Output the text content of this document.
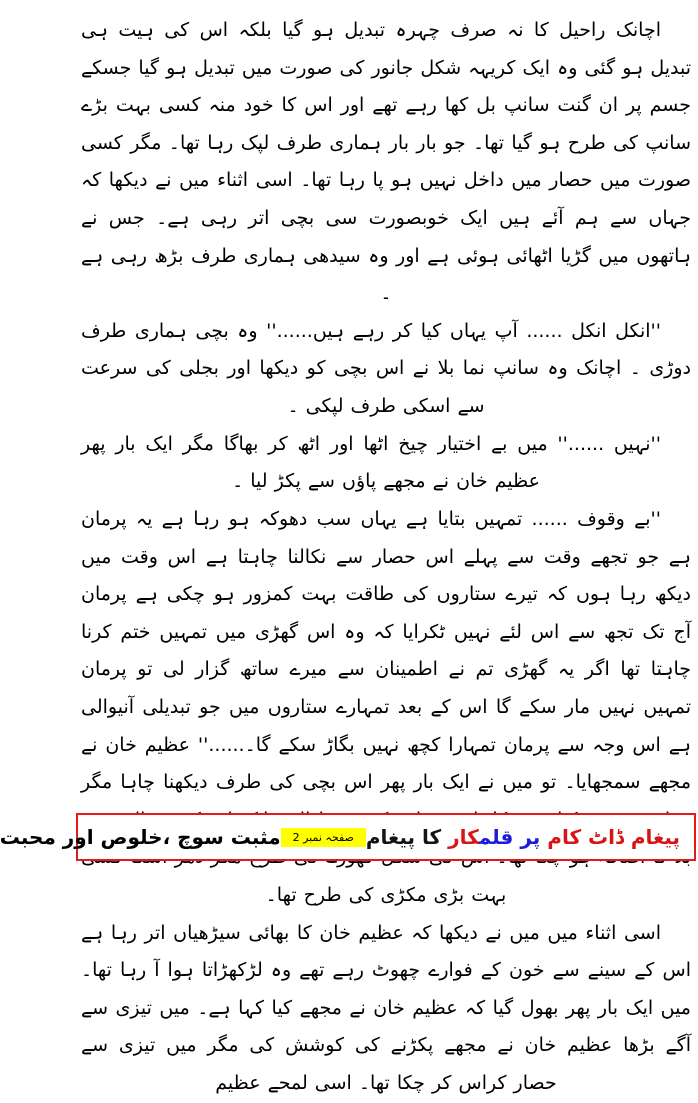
اچانک راحیل کا نہ صرف چہرہ تبدیل ہو گیا بلکہ اس کی ہیت ہی تبدیل ہو گئی وہ ایک کریہہ شکل جانور کی صورت میں تبدیل ہو گیا جسکے جسم پر ان گنت سانپ بل کھا رہے تھے اور اس کا خود منہ کسی بہت بڑے سانپ کی طرح ہو گیا تھا۔ جو بار بار ہماری طرف لپک رہا تھا۔ مگر کسی صورت میں حصار میں داخل نہیں ہو پا رہا تھا۔ اسی اثناء میں نے دیکھا کہ جہاں سے ہم آئے ہیں ایک خوبصورت سی بچی اتر رہی ہے۔ جس نے ہاتھوں میں گڑیا اٹھائی ہوئی ہے اور وہ سیدھی ہماری طرف بڑھ رہی ہے ۔

''انکل انکل ...... آپ یہاں کیا کر رہے ہیں......'' وہ بچی ہماری طرف دوڑی ۔ اچانک وہ سانپ نما بلا نے اس بچی کو دیکھا اور بجلی کی سرعت سے اسکی طرف لپکی ۔

''نہیں ......'' میں بے اختیار چیخ اٹھا اور اٹھ کر بھاگا مگر ایک بار پھر عظیم خان نے مجھے پاؤں سے پکڑ لیا ۔

''بے وقوف ...... تمہیں بتایا ہے یہاں سب دھوکہ ہو رہا ہے یہ پرمان ہے جو تجھے وقت سے پہلے اس حصار سے نکالنا چاہتا ہے اس وقت میں دیکھ رہا ہوں کہ تیرے ستاروں کی طاقت بہت کمزور ہو چکی ہے پرمان آج تک تجھ سے اس لئے نہیں ٹکرایا کہ وہ اس گھڑی میں تمہیں ختم کرنا چاہتا تھا اگر یہ گھڑی تم نے اطمینان سے میرے ساتھ گزار لی تو پرمان تمہیں نہیں مار سکے گا اس کے بعد تمہارے ستاروں میں جو تبدیلی آنیوالی ہے اس وجہ سے پرمان تمہارا کچھ نہیں بگاڑ سکے گا۔......'' عظیم خان نے مجھے سمجھایا۔ تو میں نے ایک بار پھر اس بچی کی طرف دیکھنا چاہا مگر بہت بڑی مکڑی کی طرح تھا۔

اسی اثناء میں میں نے دیکھا کہ عظیم خان کا بھائی سیڑھیاں اتر رہا ہے اس کے سینے سے خون کے فوارے چھوٹ رہے تھے وہ لڑکھڑاتا ہوا آ رہا تھا۔ میں ایک بار پھر بھول گیا کہ عظیم خان نے مجھے کیا کہا ہے۔ میں تیزی سے آگے بڑھا عظیم خان نے مجھے پکڑنے کی کوشش کی مگر میں تیزی سے حصار کراس کر چکا تھا۔ اسی لمحے عظیم

پیغام ڈاٹ کام پر قلم‍‍کار کا پیغام
صفحہ نمبر 2
مثبت سوچ ،خلوص اور محبت
